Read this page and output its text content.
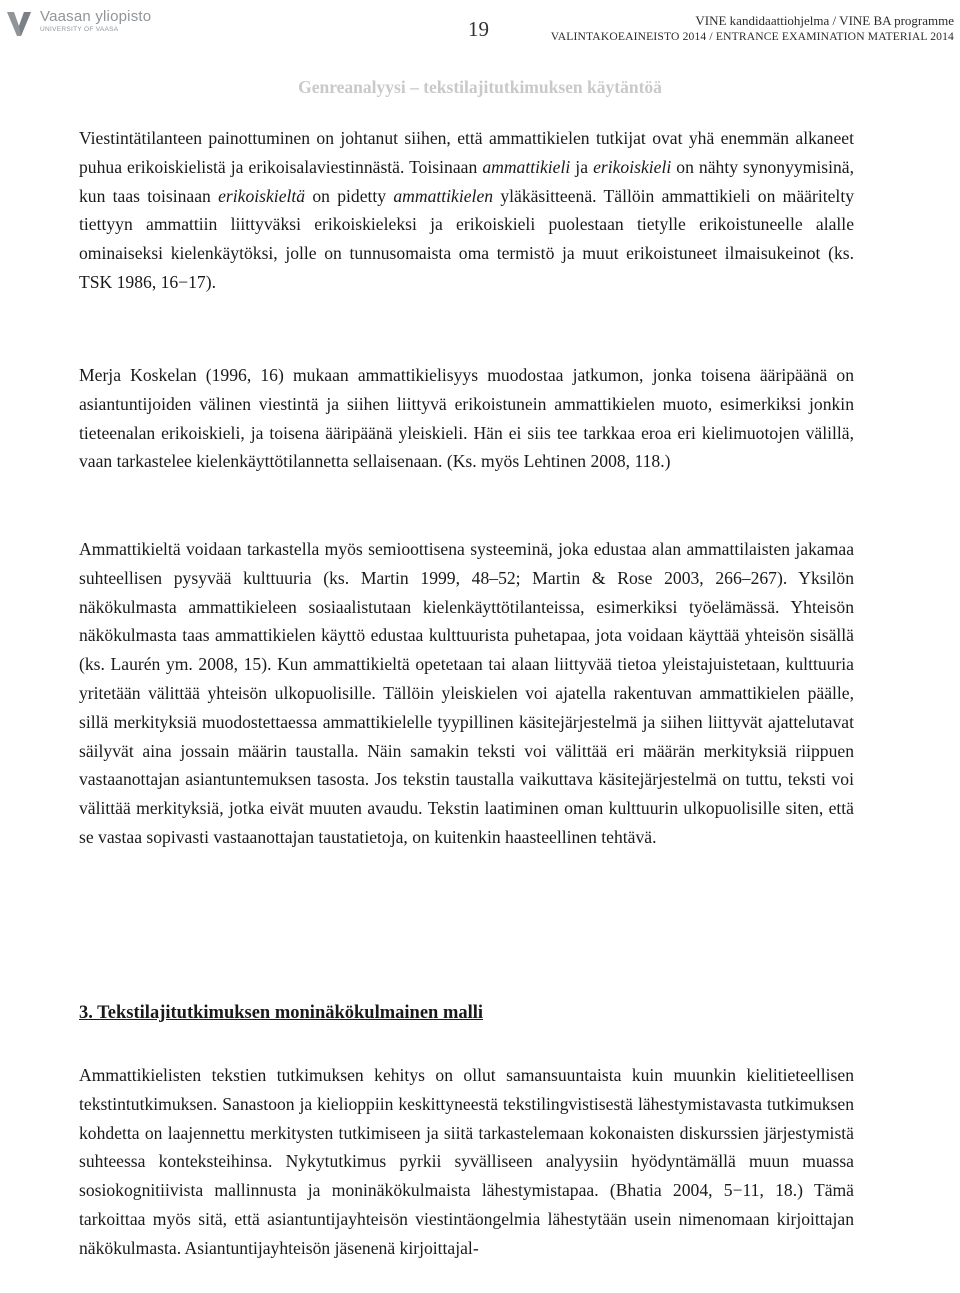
Vaasan yliopisto
UNIVERSITY OF VAASA	19	VINE kandidaattiohjelma / VINE BA programme
VALINTAKOEAINEISTO 2014 / ENTRANCE EXAMINATION MATERIAL 2014
Genreanalyysi – tekstilajitutkimuksen käytäntöä

Viestintätilanteen painottuminen on johtanut siihen, että ammattikielen tutkijat ovat yhä enemmän alkaneet puhua erikoiskielistä ja erikoisalaviestinnästä. Toisinaan ammattikieli ja erikoiskieli on nähty synonyymisinä, kun taas toisinaan erikoiskieltä on pidetty ammattikielen yläkäsitteenä. Tällöin ammattikieli on määritelty tiettyyn ammattiin liittyväksi erikoiskieleksi ja erikoiskieli puolestaan tietylle erikoistuneelle alalle ominaiseksi kielenkäytöksi, jolle on tunnusomaista oma termistö ja muut erikoistuneet ilmaisukeinot (ks. TSK 1986, 16−17).

Merja Koskelan (1996, 16) mukaan ammattikielisyys muodostaa jatkumon, jonka toisena ääripäänä on asiantuntijoiden välinen viestintä ja siihen liittyvä erikoistunein ammattikielen muoto, esimerkiksi jonkin tieteenalan erikoiskieli, ja toisena ääripäänä yleiskieli. Hän ei siis tee tarkkaa eroa eri kielimuotojen välillä, vaan tarkastelee kielenkäyttötilannetta sellaisenaan. (Ks. myös Lehtinen 2008, 118.)

Ammattikieltä voidaan tarkastella myös semioottisena systeeminä, joka edustaa alan ammattilaisten jakamaa suhteellisen pysyvää kulttuuria (ks. Martin 1999, 48–52; Martin & Rose 2003, 266–267). Yksilön näkökulmasta ammattikieleen sosiaalistutaan kielenkäyttötilanteissa, esimerkiksi työelämässä. Yhteisön näkökulmasta taas ammattikielen käyttö edustaa kulttuurista puhetapaa, jota voidaan käyttää yhteisön sisällä (ks. Laurén ym. 2008, 15). Kun ammattikieltä opetetaan tai alaan liittyvää tietoa yleistajuistetaan, kulttuuria yritetään välittää yhteisön ulkopuolisille. Tällöin yleiskielen voi ajatella rakentuvan ammattikielen päälle, sillä merkityksiä muodostettaessa ammattikielelle tyypillinen käsitejärjestelmä ja siihen liittyvät ajattelutavat säilyvät aina jossain määrin taustalla. Näin samakin teksti voi välittää eri määrän merkityksiä riippuen vastaanottajan asiantuntemuksen tasosta. Jos tekstin taustalla vaikuttava käsitejärjestelmä on tuttu, teksti voi välittää merkityksiä, jotka eivät muuten avaudu. Tekstin laatiminen oman kulttuurin ulkopuolisille siten, että se vastaa sopivasti vastaanottajan taustatietoja, on kuitenkin haasteellinen tehtävä.

3. Tekstilajitutkimuksen moninäkökulmainen malli

Ammattikielisten tekstien tutkimuksen kehitys on ollut samansuuntaista kuin muunkin kielitieteellisen tekstintutkimuksen. Sanastoon ja kielioppiin keskittyneestä tekstilingvistisestä lähestymistavasta tutkimuksen kohdetta on laajennettu merkitysten tutkimiseen ja siitä tarkastelemaan kokonaisten diskurssien järjestymistä suhteessa konteksteihinsa. Nykytutkimus pyrkii syvälliseen analyysiin hyödyntämällä muun muassa sosiokognitiivista mallinnusta ja moninäkökulmaista lähestymistapaa. (Bhatia 2004, 5−11, 18.) Tämä tarkoittaa myös sitä, että asiantuntijayhteisön viestintäongelmia lähestytään usein nimenomaan kirjoittajan näkökulmasta. Asiantuntijayhteisön jäsenenä kirjoittajal-
